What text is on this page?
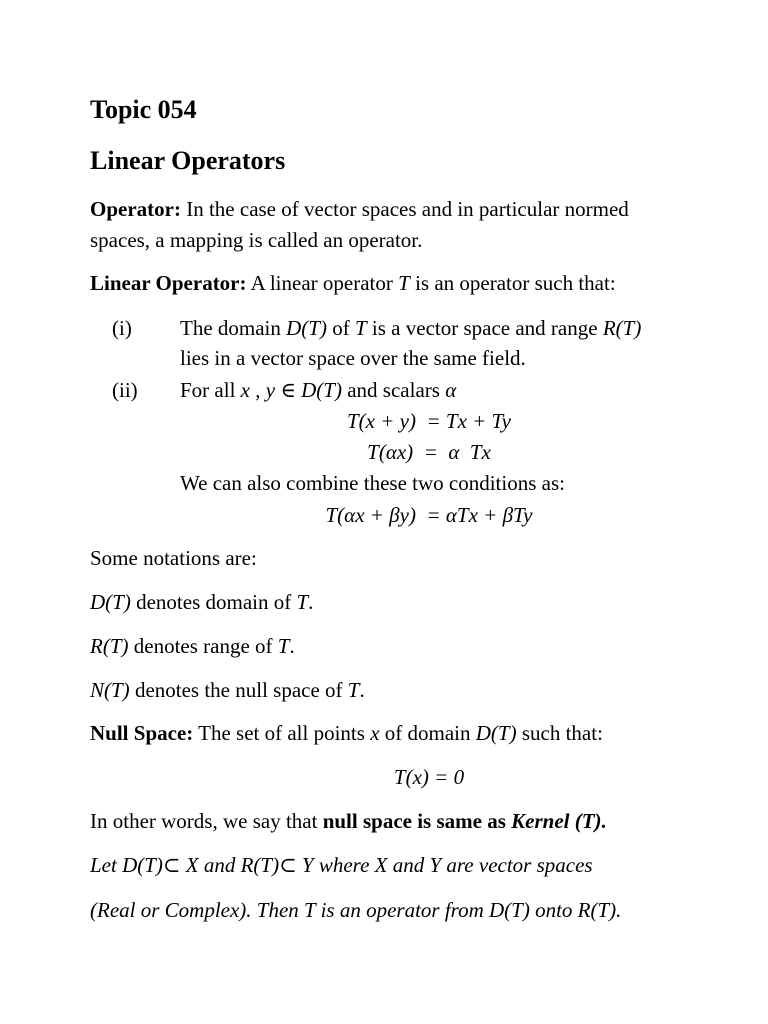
Topic 054
Linear Operators
Operator: In the case of vector spaces and in particular normed
spaces, a mapping is called an operator.
Linear Operator: A linear operator T is an operator such that:
(i) The domain D(T) of T is a vector space and range R(T)
lies in a vector space over the same field.
(ii) For all x , y ∈ D(T) and scalars α
T(x + y)  = Tx + Ty
T(αx)  =  α  Tx
We can also combine these two conditions as:
T(αx + βy)  = αTx + βTy
Some notations are:
D(T) denotes domain of T.
R(T) denotes range of T.
N(T) denotes the null space of T.
Null Space: The set of all points x of domain D(T) such that:
T(x) = 0
In other words, we say that null space is same as Kernel (T).
Let D(T)⊂ X and R(T)⊂ Y where X and Y are vector spaces
(Real or Complex). Then T is an operator from D(T) onto R(T).
